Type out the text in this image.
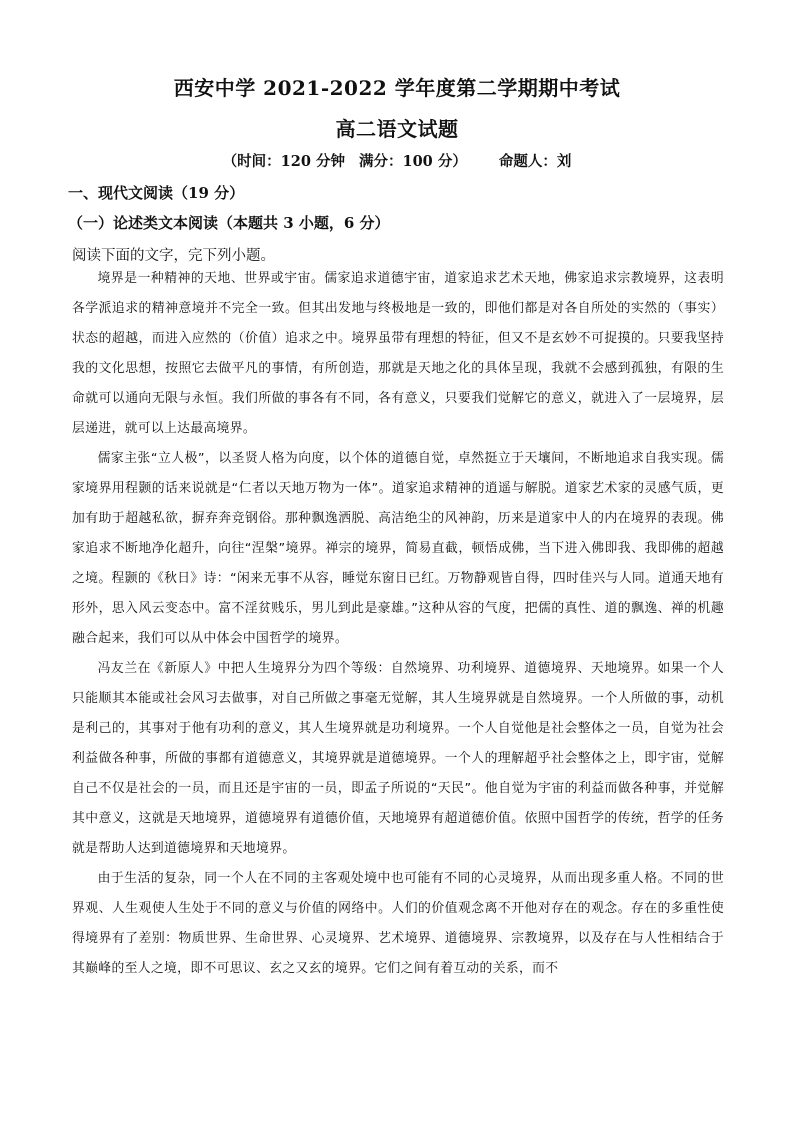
西安中学 2021-2022 学年度第二学期期中考试
高二语文试题
（时间：120 分钟 满分：100 分） 命题人：刘
一、现代文阅读（19 分）
（一）论述类文本阅读（本题共 3 小题，6 分）
阅读下面的文字，完下列小题。

境界是一种精神的天地、世界或宇宙。儒家追求道德宇宙，道家追求艺术天地，佛家追求宗教境界，这表明各学派追求的精神意境并不完全一致。但其出发地与终极地是一致的，即他们都是对各自所处的实然的（事实）状态的超越，而进入应然的（价值）追求之中。境界虽带有理想的特征，但又不是玄妙不可捉摸的。只要我坚持我的文化思想，按照它去做平凡的事情，有所创造，那就是天地之化的具体呈现，我就不会感到孤独，有限的生命就可以通向无限与永恒。我们所做的事各有不同，各有意义，只要我们觉解它的意义，就进入了一层境界，层层递进，就可以上达最高境界。

儒家主张“立人极”，以圣贤人格为向度，以个体的道德自觉，卓然挺立于天壤间，不断地追求自我实现。儒家境界用程颢的话来说就是“仁者以天地万物为一体”。道家追求精神的逍遥与解脱。道家艺术家的灵感气质，更加有助于超越私欲，摒弃奔竞钢俗。那种飘逸洒脱、高洁绝尘的风神韵，历来是道家中人的内在境界的表现。佛家追求不断地净化超升，向往“涅槃”境界。禅宗的境界，简易直截，顿悟成佛，当下进入佛即我、我即佛的超越之境。程颢的《秋日》诗：“闲来无事不从容，睡觉东窗日已红。万物静观皆自得，四时佳兴与人同。道通天地有形外，思入风云变态中。富不淫贫贱乐，男儿到此是豪雄。”这种从容的气度，把儒的真性、道的飘逸、禅的机趣融合起来，我们可以从中体会中国哲学的境界。

冯友兰在《新原人》中把人生境界分为四个等级：自然境界、功利境界、道德境界、天地境界。如果一个人只能顺其本能或社会风习去做事，对自己所做之事毫无觉解，其人生境界就是自然境界。一个人所做的事，动机是利己的，其事对于他有功利的意义，其人生境界就是功利境界。一个人自觉他是社会整体之一员，自觉为社会利益做各种事，所做的事都有道德意义，其境界就是道德境界。一个人的理解超乎社会整体之上，即宇宙，觉解自己不仅是社会的一员，而且还是宇宙的一员，即孟子所说的“天民”。他自觉为宇宙的利益而做各种事，并觉解其中意义，这就是天地境界，道德境界有道德价值，天地境界有超道德价值。依照中国哲学的传统，哲学的任务就是帮助人达到道德境界和天地境界。

由于生活的复杂，同一个人在不同的主客观处境中也可能有不同的心灵境界，从而出现多重人格。不同的世界观、人生观使人生处于不同的意义与价值的网络中。人们的价值观念离不开他对存在的观念。存在的多重性使得境界有了差别：物质世界、生命世界、心灵境界、艺术境界、道德境界、宗教境界，以及存在与人性相结合于其巅峰的至人之境，即不可思议、玄之又玄的境界。它们之间有着互动的关系，而不
